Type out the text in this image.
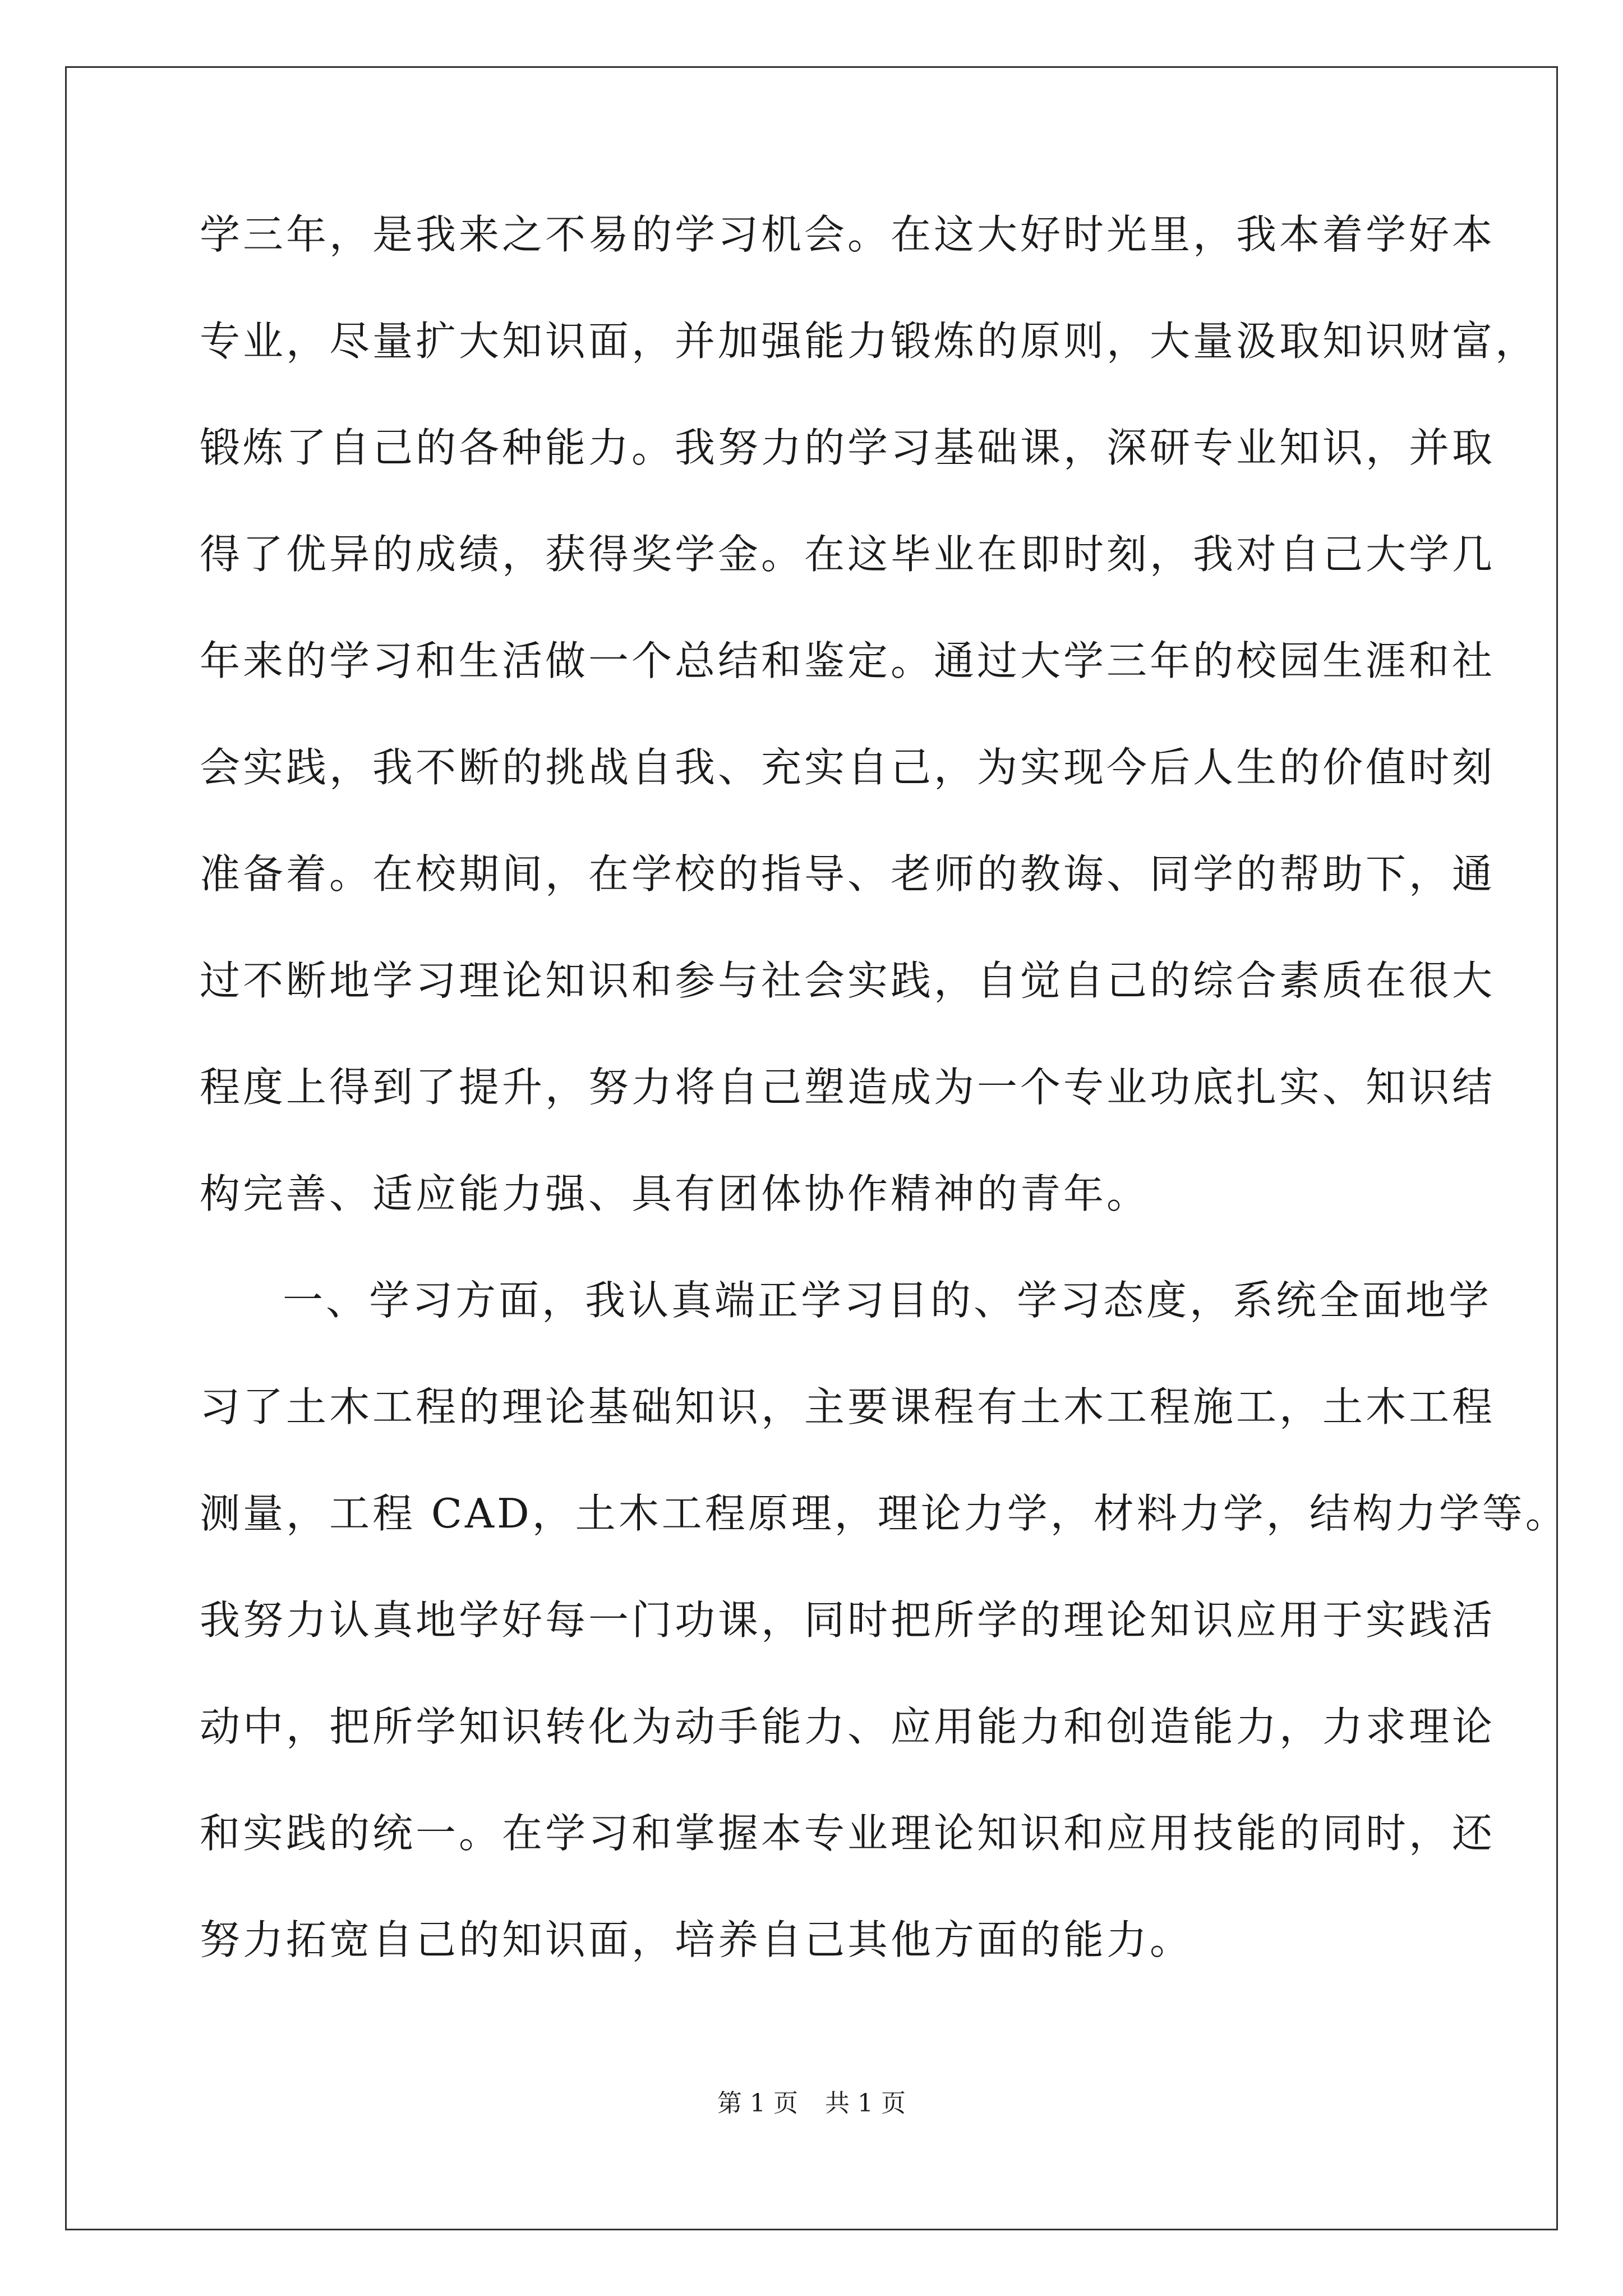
学三年，是我来之不易的学习机会。在这大好时光里，我本着学好本
专业，尽量扩大知识面，并加强能力锻炼的原则，大量汲取知识财富，
锻炼了自己的各种能力。我努力的学习基础课，深研专业知识，并取
得了优异的成绩，获得奖学金。在这毕业在即时刻，我对自己大学几
年来的学习和生活做一个总结和鉴定。通过大学三年的校园生涯和社
会实践，我不断的挑战自我、充实自己，为实现今后人生的价值时刻
准备着。在校期间，在学校的指导、老师的教诲、同学的帮助下，通
过不断地学习理论知识和参与社会实践，自觉自己的综合素质在很大
程度上得到了提升，努力将自己塑造成为一个专业功底扎实、知识结
构完善、适应能力强、具有团体协作精神的青年。
一、学习方面，我认真端正学习目的、学习态度，系统全面地学
习了土木工程的理论基础知识，主要课程有土木工程施工，土木工程
测量，工程 CAD，土木工程原理，理论力学，材料力学，结构力学等。
我努力认真地学好每一门功课，同时把所学的理论知识应用于实践活
动中，把所学知识转化为动手能力、应用能力和创造能力，力求理论
和实践的统一。在学习和掌握本专业理论知识和应用技能的同时，还
努力拓宽自己的知识面，培养自己其他方面的能力。
第 1 页 共 1 页
